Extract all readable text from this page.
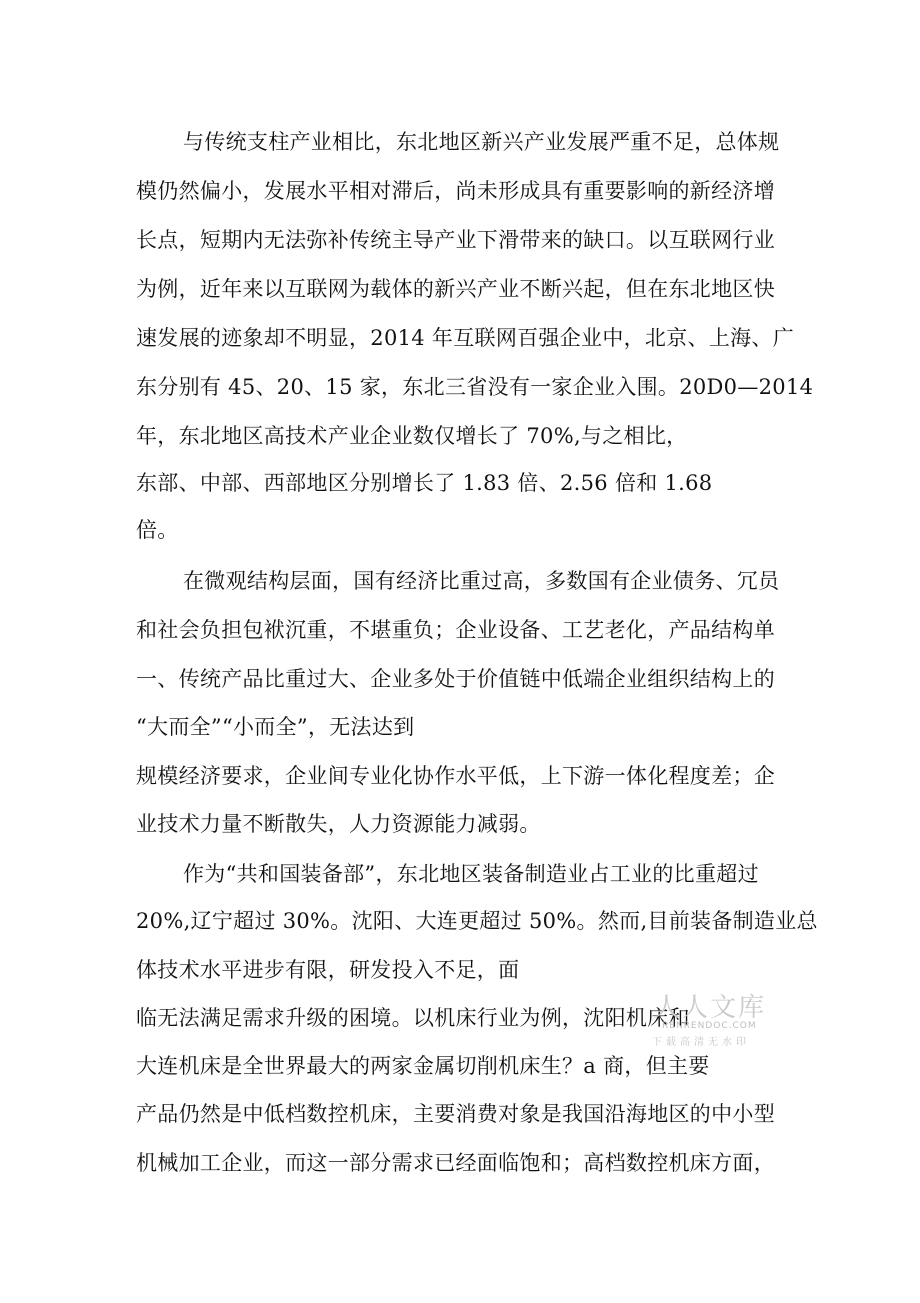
与传统支柱产业相比，东北地区新兴产业发展严重不足，总体规
模仍然偏小，发展水平相对滞后，尚未形成具有重要影响的新经济增
长点，短期内无法弥补传统主导产业下滑带来的缺口。以互联网行业
为例，近年来以互联网为载体的新兴产业不断兴起，但在东北地区快
速发展的迹象却不明显，2014 年互联网百强企业中，北京、上海、广
东分别有 45、20、15 家，东北三省没有一家企业入围。20D0—2014
年，东北地区高技术产业企业数仅增长了 70%,与之相比，
东部、中部、西部地区分别增长了 1.83 倍、2.56 倍和 1.68
倍。
在微观结构层面，国有经济比重过高，多数国有企业债务、冗员
和社会负担包袱沉重，不堪重负；企业设备、工艺老化，产品结构单
一、传统产品比重过大、企业多处于价值链中低端企业组织结构上的
“大而全”“小而全”，无法达到
规模经济要求，企业间专业化协作水平低，上下游一体化程度差；企
业技术力量不断散失，人力资源能力减弱。
作为“共和国装备部”，东北地区装备制造业占工业的比重超过
20%,辽宁超过 30%。沈阳、大连更超过 50%。然而,目前装备制造业总
体技术水平进步有限，研发投入不足，面
临无法满足需求升级的困境。以机床行业为例，沈阳机床和
大连机床是全世界最大的两家金属切削机床生？a 商，但主要
产品仍然是中低档数控机床，主要消费对象是我国沿海地区的中小型
机械加工企业，而这一部分需求已经面临饱和；高档数控机床方面，
人人文库
RENRENDOC.COM
下载高清无水印
